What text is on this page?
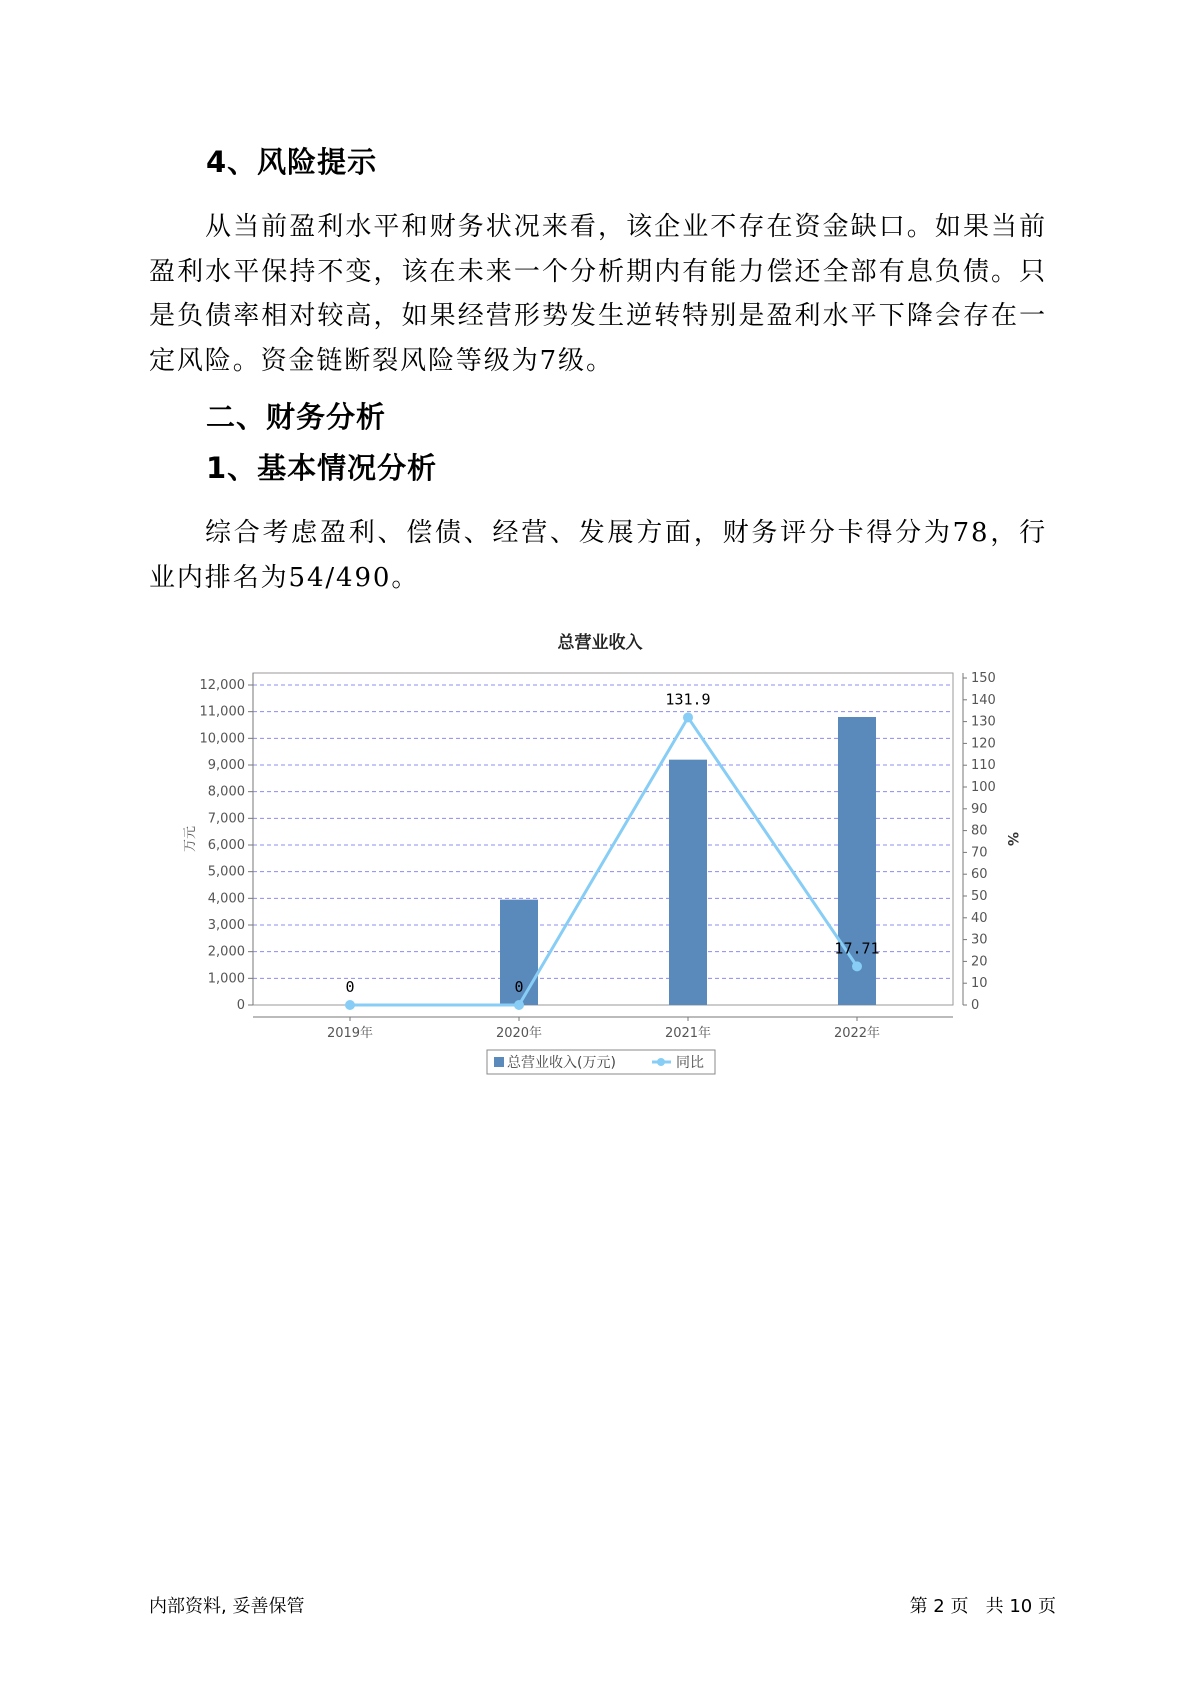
4、风险提示

从当前盈利水平和财务状况来看，该企业不存在资金缺口。如果当前盈利水平保持不变，该在未来一个分析期内有能力偿还全部有息负债。只是负债率相对较高，如果经营形势发生逆转特别是盈利水平下降会存在一定风险。资金链断裂风险等级为7级。

二、财务分析
1、基本情况分析

综合考虑盈利、偿债、经营、发展方面，财务评分卡得分为78，行业内排名为54/490。

总营业收入
万元	%
总营业收入(万元)	同比
0
1,000
2,000
3,000
4,000
5,000
6,000
7,000
8,000
9,000
10,000
11,000
12,000
0
10
20
30
40
50
60
70
80
90
100
110
120
130
140
150
2019年	2020年	2021年	2022年
0	0
131.9
17.71
内部资料, 妥善保管	第 2 页   共 10 页
